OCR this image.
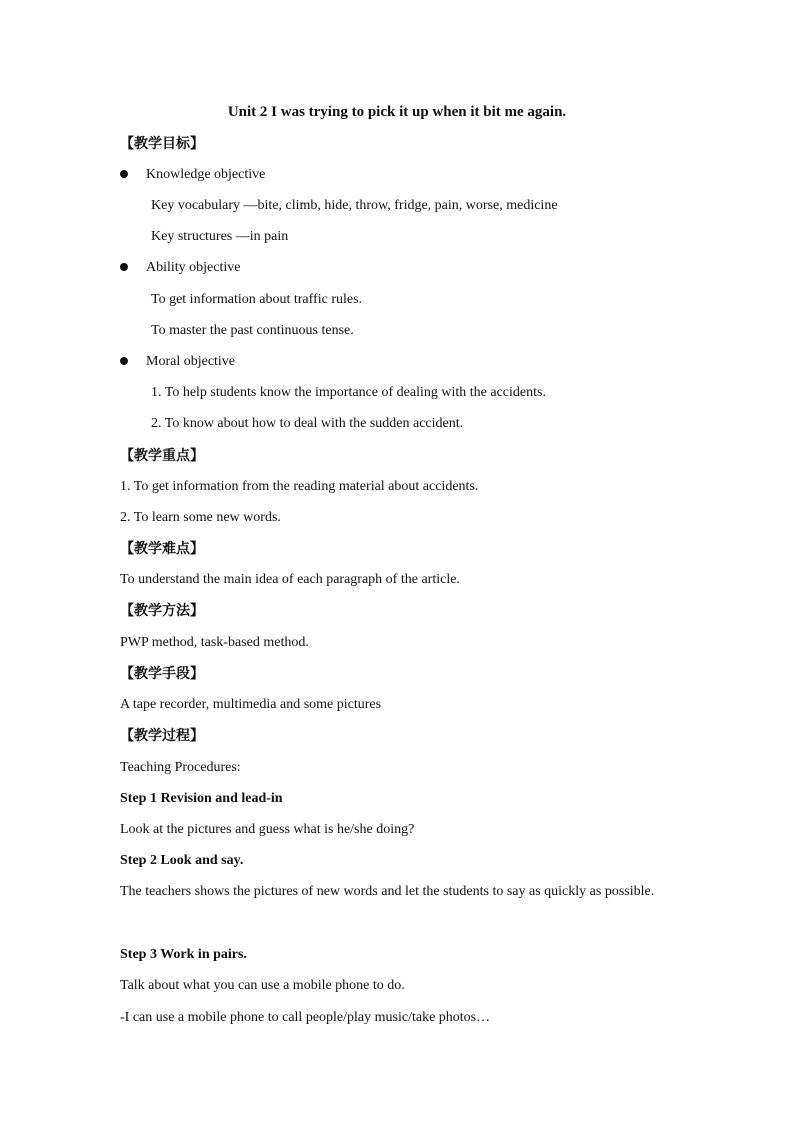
Unit 2 I was trying to pick it up when it bit me again.
【教学目标】
Knowledge objective
Key vocabulary —bite, climb, hide, throw, fridge, pain, worse, medicine
Key structures —in pain
Ability objective
To get information about traffic rules.
To master the past continuous tense.
Moral objective
1. To help students know the importance of dealing with the accidents.
2. To know about how to deal with the sudden accident.
【教学重点】
1. To get information from the reading material about accidents.
2. To learn some new words.
【教学难点】
To understand the main idea of each paragraph of the article.
【教学方法】
PWP method, task-based method.
【教学手段】
A tape recorder, multimedia and some pictures
【教学过程】
Teaching Procedures:
Step 1 Revision and lead-in
Look at the pictures and guess what is he/she doing?
Step 2 Look and say.
The teachers shows the pictures of new words and let the students to say as quickly as possible.
Step 3 Work in pairs.
Talk about what you can use a mobile phone to do.
-I can use a mobile phone to call people/play music/take photos…
